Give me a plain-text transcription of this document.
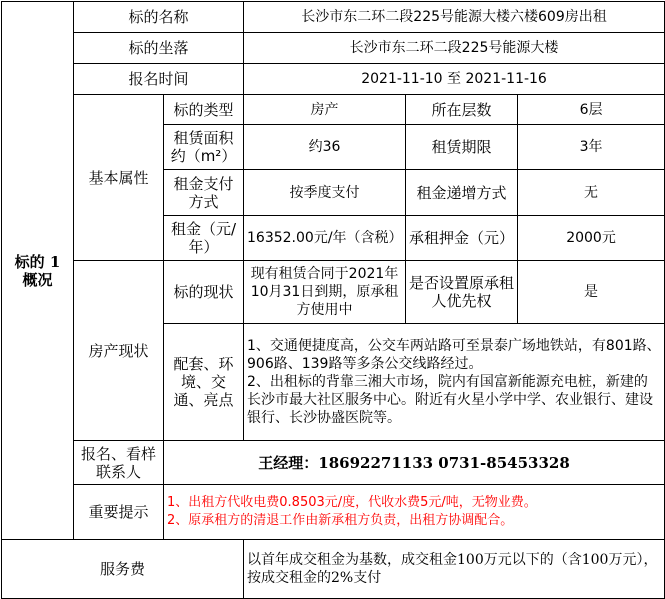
标的 1
概况	标的名称		长沙市东二环二段225号能源大楼六楼609房出租		
	标的坐落		长沙市东二环二段225号能源大楼		
	报名时间		2021-11-10 至 2021-11-16		
	基本属性	标的类型	房产	所在层数	6层
		租赁面积约（m²）	约36	租赁期限	3年
		租金支付方式	按季度支付	租金递增方式	无
		租金（元/年）	16352.00元/年（含税）	承租押金（元）	2000元
	房产现状	标的现状	现有租赁合同于2021年10月31日到期，原承租方使用中	是否设置原承租人优先权	是
		配套、环境、交通、亮点	1、交通便捷度高，公交车两站路可至景泰广场地铁站，有801路、906路、139路等多条公交线路经过。
2、出租标的背靠三湘大市场，院内有国富新能源充电桩，新建的长沙市最大社区服务中心。附近有火星小学中学、农业银行、建设银行、长沙协盛医院等。		

	报名、看样联系人	王经理：18692271133 0731-85453328			
	重要提示	1、出租方代收电费0.8503元/度，代收水费5元/吨，无物业费。
2、原承租方的清退工作由新承租方负责，出租方协调配合。			

服务费			以首年成交租金为基数，成交租金100万元以下的（含100万元），按成交租金的2%支付		
